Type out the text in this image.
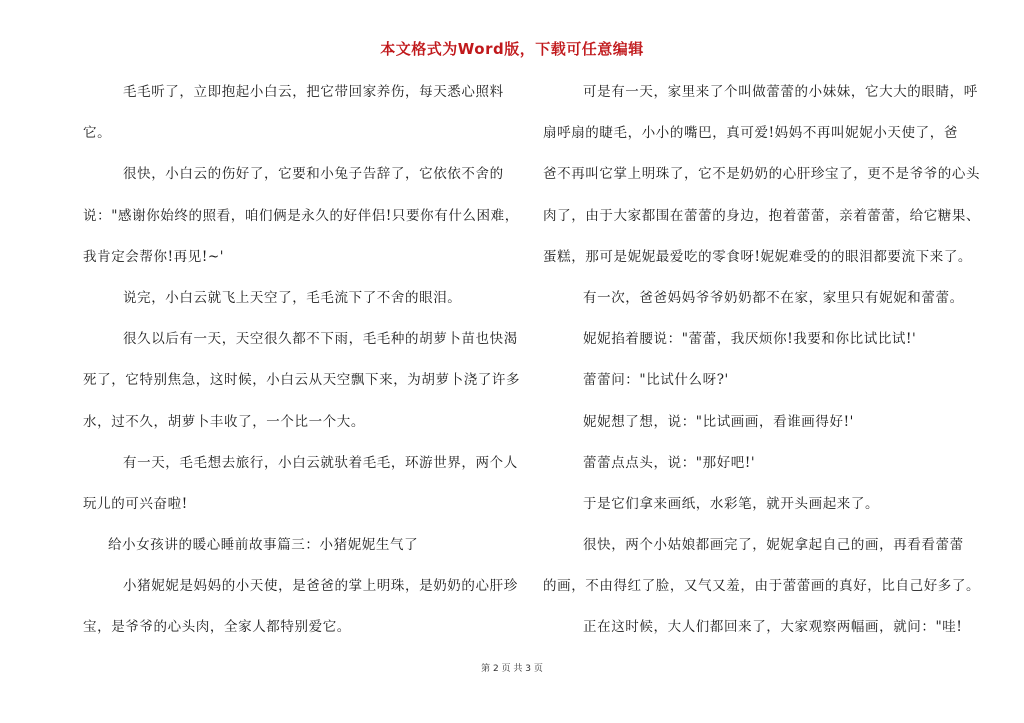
本文格式为Word版，下载可任意编辑
毛毛听了，立即抱起小白云，把它带回家养伤，每天悉心照料
它。
很快，小白云的伤好了，它要和小兔子告辞了，它依依不舍的
说："感谢你始终的照看，咱们俩是永久的好伴侣!只要你有什么困难，
我肯定会帮你!再见!~'
说完，小白云就飞上天空了，毛毛流下了不舍的眼泪。
很久以后有一天，天空很久都不下雨，毛毛种的胡萝卜苗也快渴
死了，它特别焦急，这时候，小白云从天空飘下来，为胡萝卜浇了许多
水，过不久，胡萝卜丰收了，一个比一个大。
有一天，毛毛想去旅行，小白云就驮着毛毛，环游世界，两个人
玩儿的可兴奋啦!
给小女孩讲的暖心睡前故事篇三：小猪妮妮生气了
小猪妮妮是妈妈的小天使，是爸爸的掌上明珠，是奶奶的心肝珍
宝，是爷爷的心头肉，全家人都特别爱它。
可是有一天，家里来了个叫做蕾蕾的小妹妹，它大大的眼睛，呼
扇呼扇的睫毛，小小的嘴巴，真可爱!妈妈不再叫妮妮小天使了，爸
爸不再叫它掌上明珠了，它不是奶奶的心肝珍宝了，更不是爷爷的心头
肉了，由于大家都围在蕾蕾的身边，抱着蕾蕾，亲着蕾蕾，给它糖果、
蛋糕，那可是妮妮最爱吃的零食呀!妮妮难受的的眼泪都要流下来了。
有一次，爸爸妈妈爷爷奶奶都不在家，家里只有妮妮和蕾蕾。
妮妮掐着腰说："蕾蕾，我厌烦你!我要和你比试比试!'
蕾蕾问："比试什么呀?'
妮妮想了想，说："比试画画，看谁画得好!'
蕾蕾点点头，说："那好吧!'
于是它们拿来画纸，水彩笔，就开头画起来了。
很快，两个小姑娘都画完了，妮妮拿起自己的画，再看看蕾蕾
的画，不由得红了脸，又气又羞，由于蕾蕾画的真好，比自己好多了。
正在这时候，大人们都回来了，大家观察两幅画，就问："哇!
第 2 页 共 3 页
